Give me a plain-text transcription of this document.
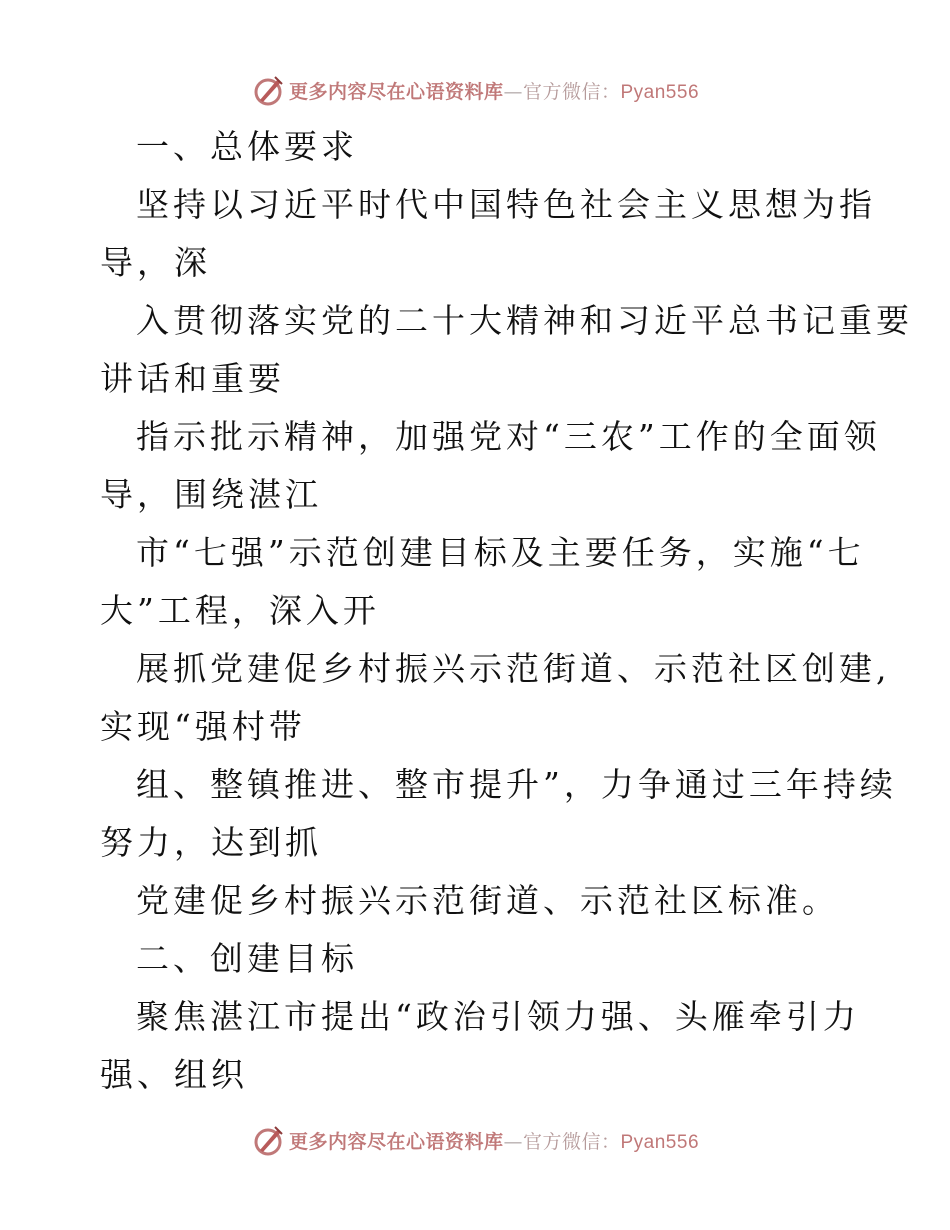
更多内容尽在心语资料库—官方微信：Pyan556
一、总体要求
坚持以习近平时代中国特色社会主义思想为指
导，深
入贯彻落实党的二十大精神和习近平总书记重要
讲话和重要
指示批示精神，加强党对“三农”工作的全面领
导，围绕湛江
市“七强”示范创建目标及主要任务，实施“七
大”工程，深入开
展抓党建促乡村振兴示范街道、示范社区创建,
实现“强村带
组、整镇推进、整市提升”，力争通过三年持续
努力，达到抓
党建促乡村振兴示范街道、示范社区标准。
二、创建目标
聚焦湛江市提出“政治引领力强、头雁牵引力
强、组织
更多内容尽在心语资料库—官方微信：Pyan556
